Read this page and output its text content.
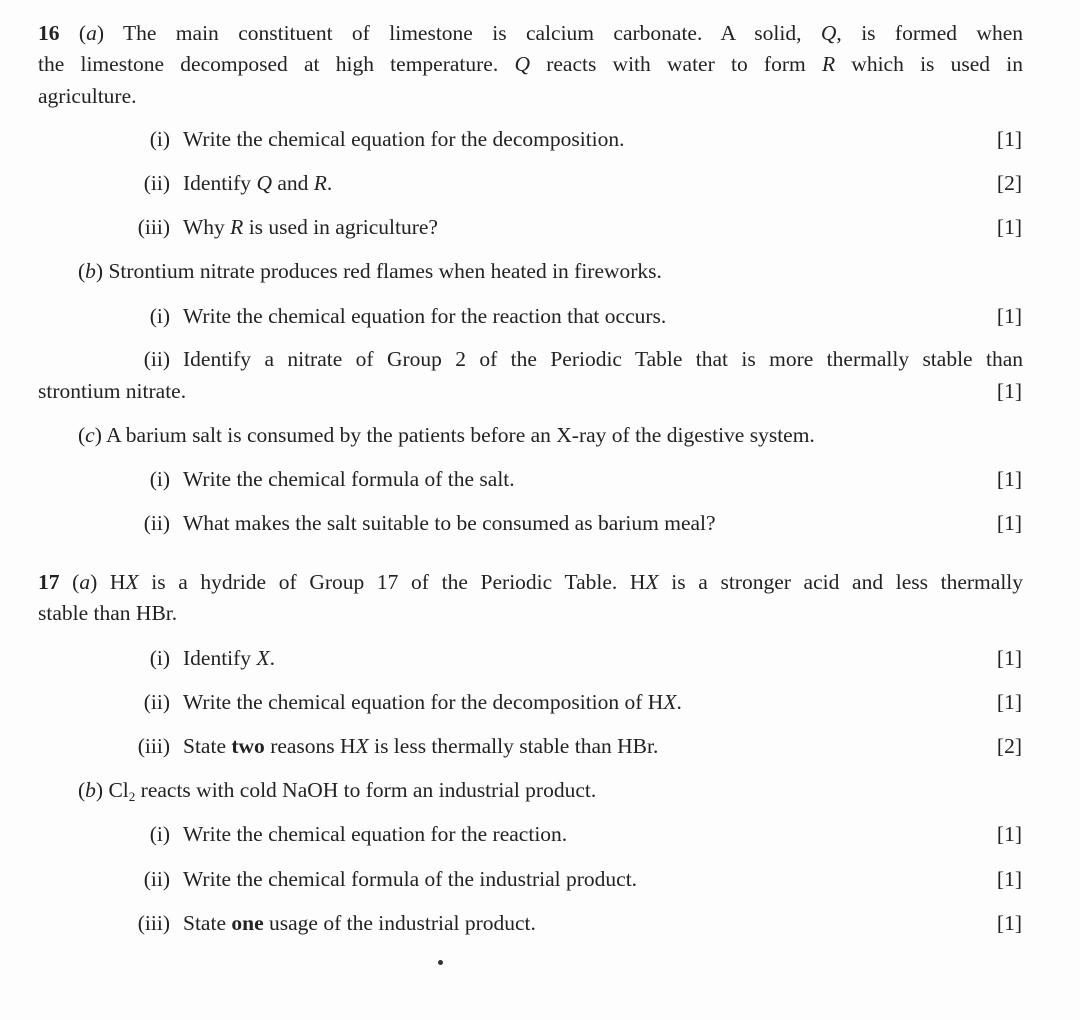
16 (a) The main constituent of limestone is calcium carbonate. A solid, Q, is formed when
the limestone decomposed at high temperature. Q reacts with water to form R which is used in
agriculture.
(i) Write the chemical equation for the decomposition.	[1]
(ii) Identify Q and R.	[2]
(iii) Why R is used in agriculture?	[1]
(b) Strontium nitrate produces red flames when heated in fireworks.
(i) Write the chemical equation for the reaction that occurs.	[1]
(ii) Identify a nitrate of Group 2 of the Periodic Table that is more thermally stable than
strontium nitrate.	[1]
(c) A barium salt is consumed by the patients before an X-ray of the digestive system.
(i) Write the chemical formula of the salt.	[1]
(ii) What makes the salt suitable to be consumed as barium meal?	[1]
17 (a) HX is a hydride of Group 17 of the Periodic Table. HX is a stronger acid and less thermally
stable than HBr.
(i) Identify X.	[1]
(ii) Write the chemical equation for the decomposition of HX.	[1]
(iii) State two reasons HX is less thermally stable than HBr.	[2]
(b) $Cl_2$ reacts with cold NaOH to form an industrial product.
(i) Write the chemical equation for the reaction.	[1]
(ii) Write the chemical formula of the industrial product.	[1]
(iii) State one usage of the industrial product.	[1]
